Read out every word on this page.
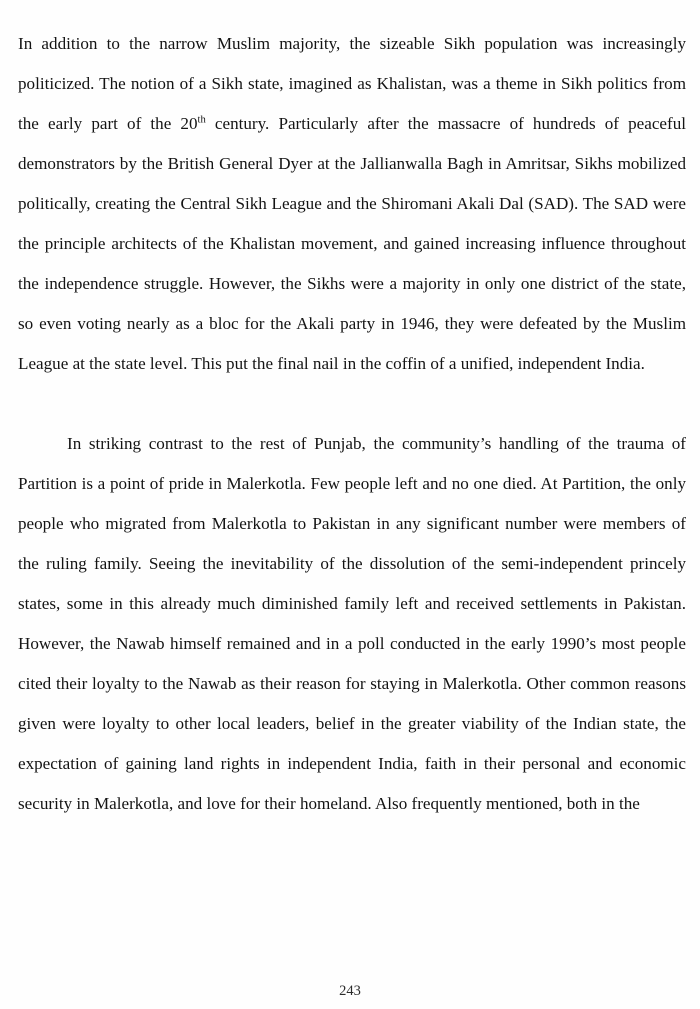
In addition to the narrow Muslim majority, the sizeable Sikh population was increasingly politicized. The notion of a Sikh state, imagined as Khalistan, was a theme in Sikh politics from the early part of the 20th century. Particularly after the massacre of hundreds of peaceful demonstrators by the British General Dyer at the Jallianwalla Bagh in Amritsar, Sikhs mobilized politically, creating the Central Sikh League and the Shiromani Akali Dal (SAD). The SAD were the principle architects of the Khalistan movement, and gained increasing influence throughout the independence struggle. However, the Sikhs were a majority in only one district of the state, so even voting nearly as a bloc for the Akali party in 1946, they were defeated by the Muslim League at the state level. This put the final nail in the coffin of a unified, independent India.

In striking contrast to the rest of Punjab, the community’s handling of the trauma of Partition is a point of pride in Malerkotla. Few people left and no one died. At Partition, the only people who migrated from Malerkotla to Pakistan in any significant number were members of the ruling family. Seeing the inevitability of the dissolution of the semi-independent princely states, some in this already much diminished family left and received settlements in Pakistan. However, the Nawab himself remained and in a poll conducted in the early 1990’s most people cited their loyalty to the Nawab as their reason for staying in Malerkotla. Other common reasons given were loyalty to other local leaders, belief in the greater viability of the Indian state, the expectation of gaining land rights in independent India, faith in their personal and economic security in Malerkotla, and love for their homeland. Also frequently mentioned, both in the

243
